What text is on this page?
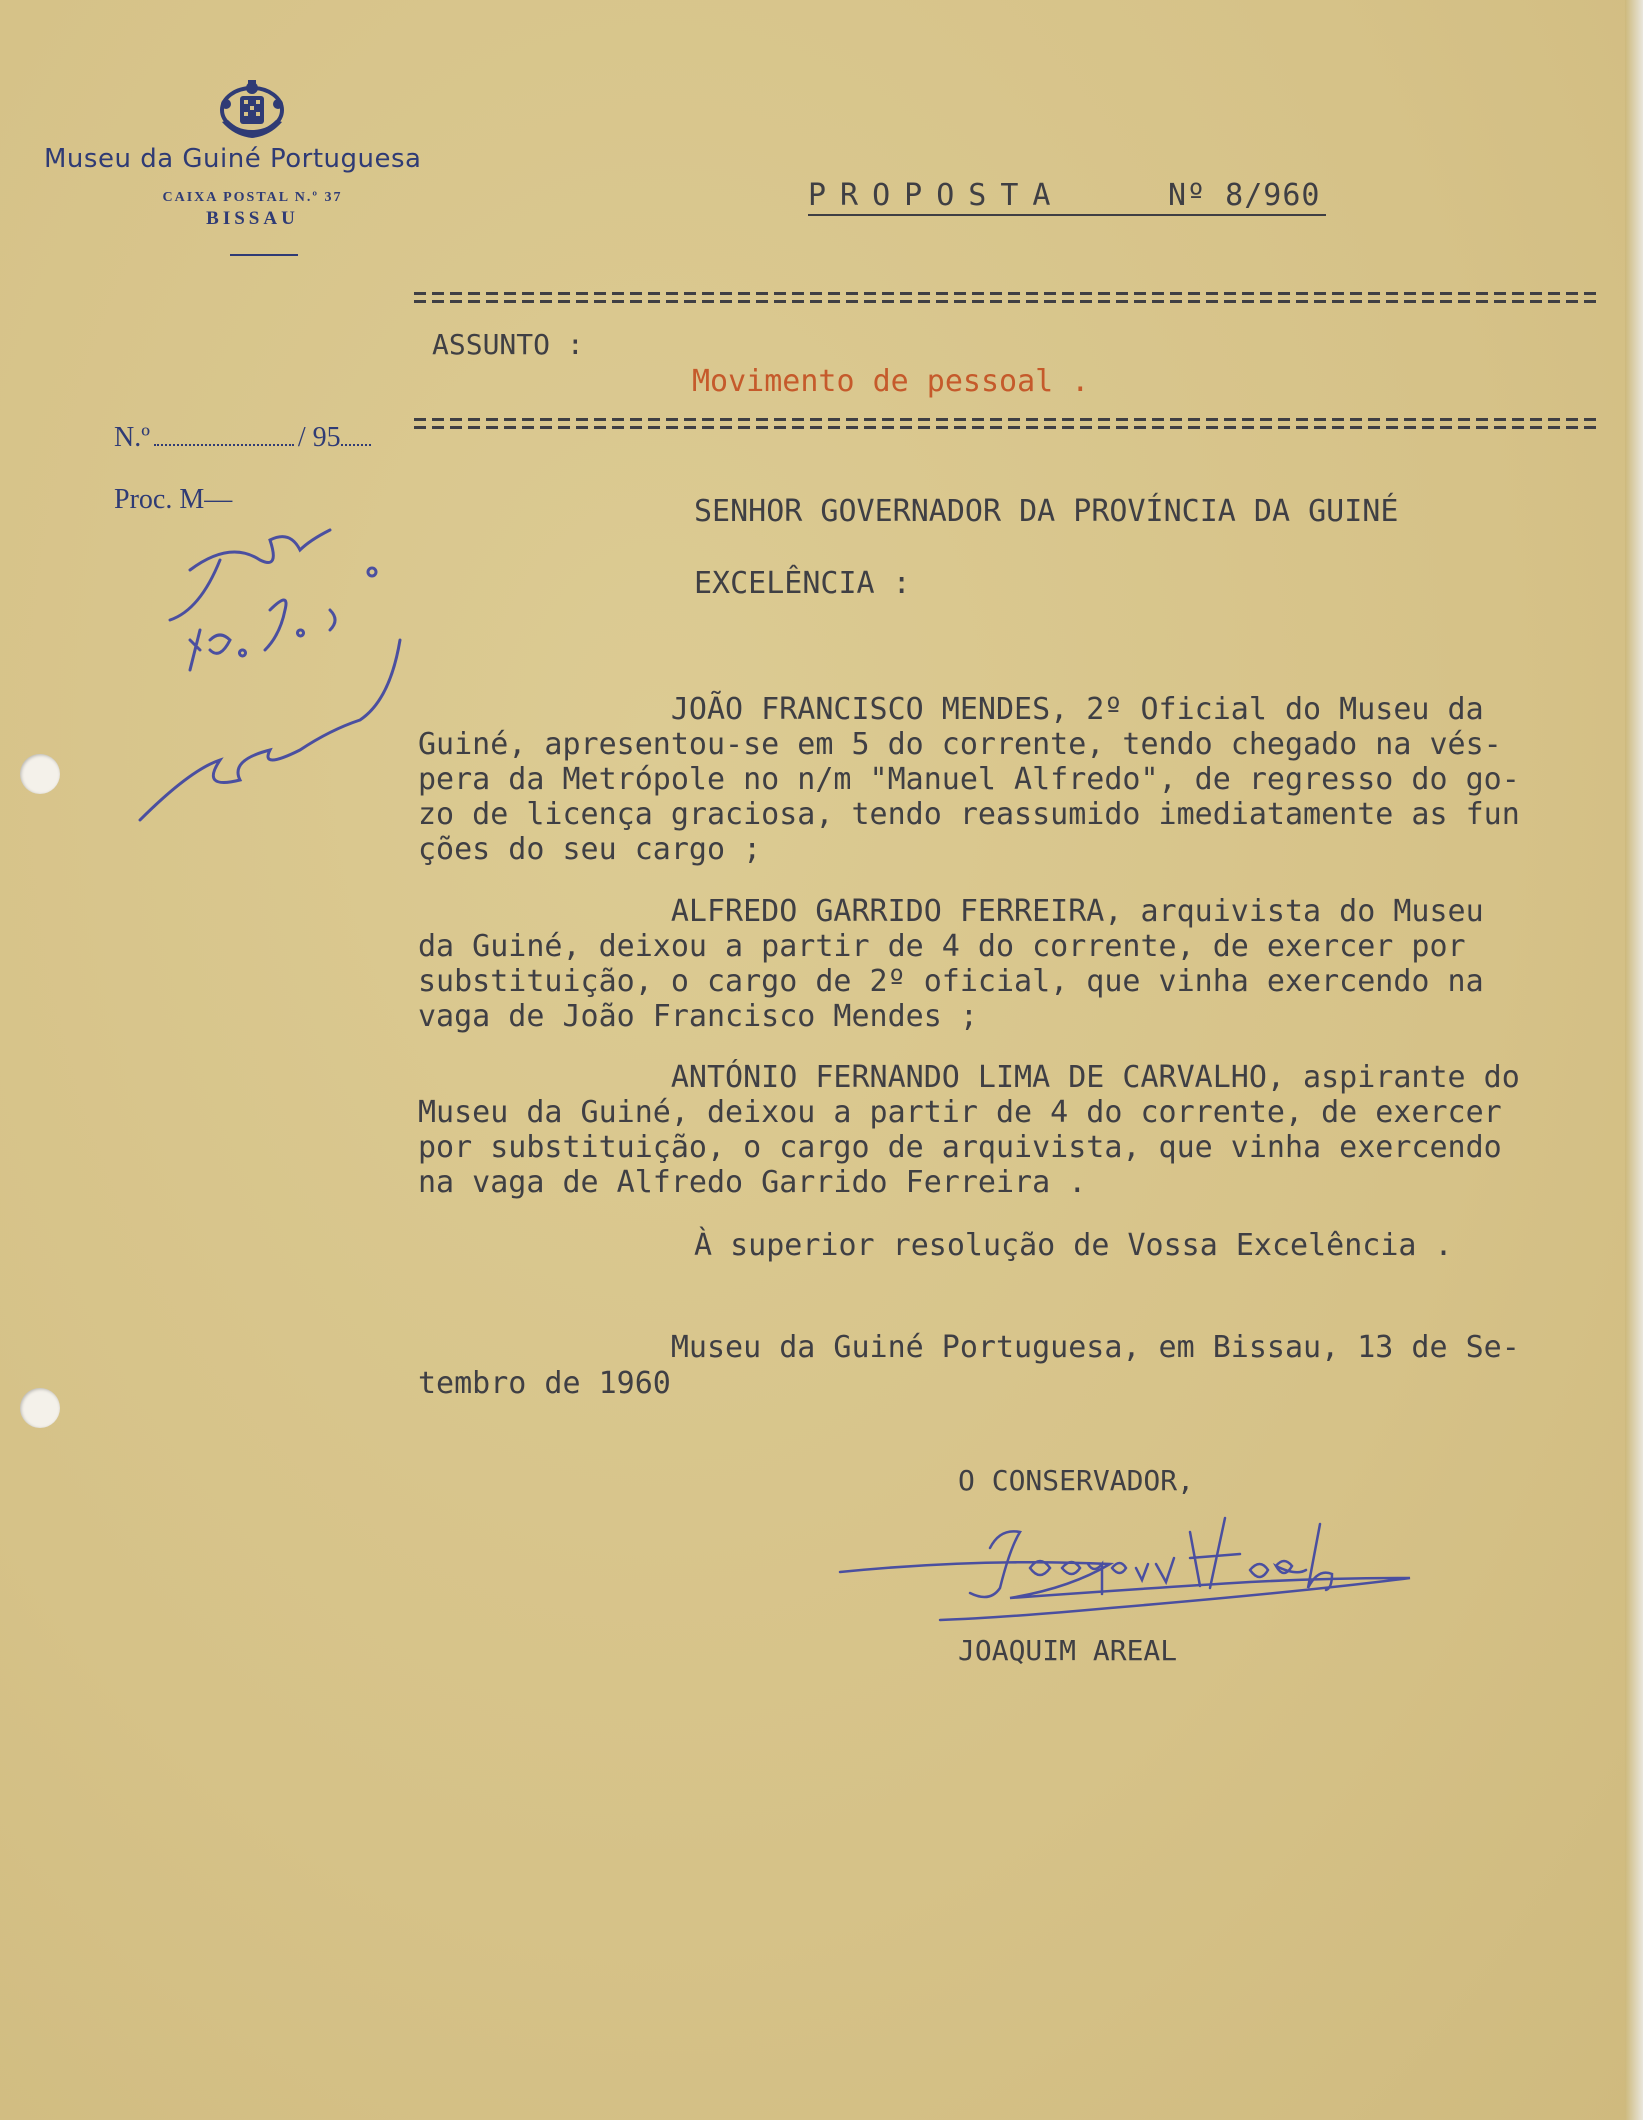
Museu da Guiné Portuguesa
CAIXA POSTAL N.º 37
BISSAU
PROPOSTA	Nº 8/960
ASSUNTO :
Movimento de pessoal .
N.º	/ 95
Proc. M—	SENHOR GOVERNADOR DA PROVÍNCIA DA GUINÉ
EXCELÊNCIA :
JOÃO FRANCISCO MENDES, 2º Oficial do Museu da
Guiné, apresentou-se em 5 do corrente, tendo chegado na vés-
pera da Metrópole no n/m "Manuel Alfredo", de regresso do go-
zo de licença graciosa, tendo reassumido imediatamente as fun
ções do seu cargo ;
ALFREDO GARRIDO FERREIRA, arquivista do Museu
da Guiné, deixou a partir de 4 do corrente, de exercer por
substituição, o cargo de 2º oficial, que vinha exercendo na
vaga de João Francisco Mendes ;
ANTÓNIO FERNANDO LIMA DE CARVALHO, aspirante do
Museu da Guiné, deixou a partir de 4 do corrente, de exercer
por substituição, o cargo de arquivista, que vinha exercendo
na vaga de Alfredo Garrido Ferreira .
À superior resolução de Vossa Excelência .
Museu da Guiné Portuguesa, em Bissau, 13 de Se-
tembro de 1960
O CONSERVADOR,
JOAQUIM AREAL
